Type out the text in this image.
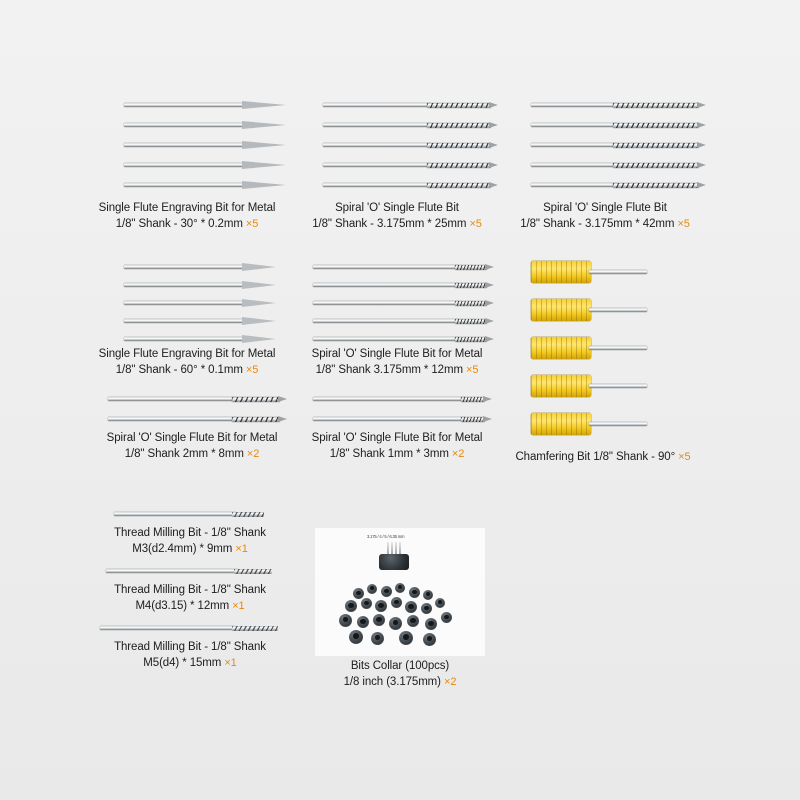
Single Flute Engraving Bit for Metal
1/8" Shank - 30° * 0.2mm ×5
Spiral 'O' Single Flute Bit
1/8" Shank - 3.175mm * 25mm ×5
Spiral 'O' Single Flute Bit
1/8" Shank - 3.175mm * 42mm ×5
Single Flute Engraving Bit for Metal
1/8" Shank - 60° * 0.1mm ×5
Spiral 'O' Single Flute Bit for Metal
1/8" Shank 3.175mm * 12mm ×5
Chamfering Bit 1/8" Shank - 90° ×5
Spiral 'O' Single Flute Bit for Metal
1/8" Shank 2mm * 8mm ×2
Spiral 'O' Single Flute Bit for Metal
1/8" Shank 1mm * 3mm ×2
Thread Milling Bit - 1/8" Shank
M3(d2.4mm) * 9mm ×1
Thread Milling Bit - 1/8" Shank
M4(d3.15) * 12mm ×1
Thread Milling Bit - 1/8" Shank
M5(d4) * 15mm ×1
3.175 / 4 / 5 / 6.35 mm
Bits Collar (100pcs)
1/8 inch (3.175mm) ×2
